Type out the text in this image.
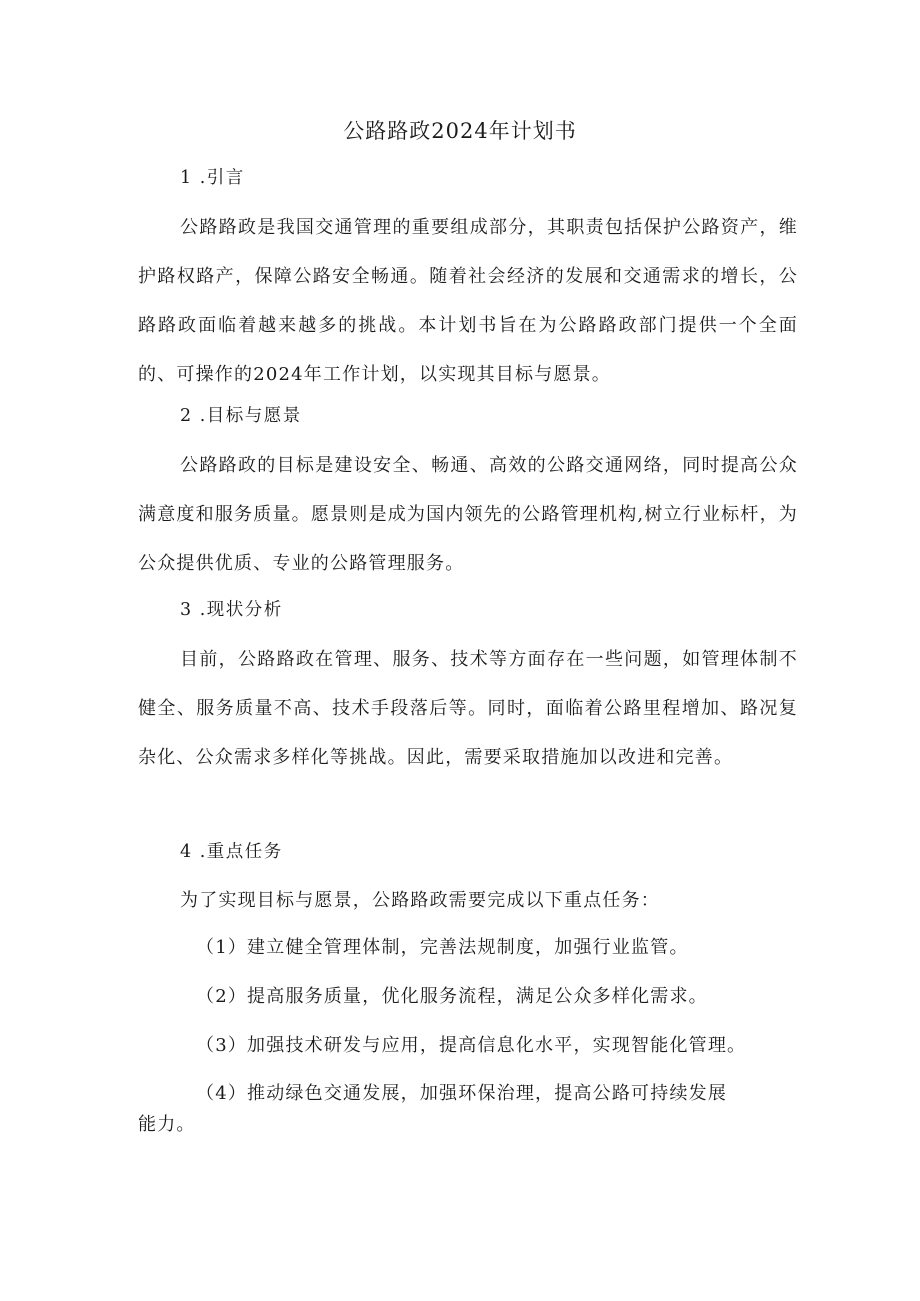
公路路政2024年计划书
1 .引言

公路路政是我国交通管理的重要组成部分，其职责包括保护公路资产，维护路权路产，保障公路安全畅通。随着社会经济的发展和交通需求的增长，公路路政面临着越来越多的挑战。本计划书旨在为公路路政部门提供一个全面的、可操作的2024年工作计划，以实现其目标与愿景。

2 .目标与愿景

公路路政的目标是建设安全、畅通、高效的公路交通网络，同时提高公众满意度和服务质量。愿景则是成为国内领先的公路管理机构,树立行业标杆，为公众提供优质、专业的公路管理服务。

3 .现状分析

目前，公路路政在管理、服务、技术等方面存在一些问题，如管理体制不健全、服务质量不高、技术手段落后等。同时，面临着公路里程增加、路况复杂化、公众需求多样化等挑战。因此，需要采取措施加以改进和完善。

4 .重点任务
为了实现目标与愿景，公路路政需要完成以下重点任务：
（1）建立健全管理体制，完善法规制度，加强行业监管。
（2）提高服务质量，优化服务流程，满足公众多样化需求。
（3）加强技术研发与应用，提高信息化水平，实现智能化管理。
（4）推动绿色交通发展，加强环保治理，提高公路可持续发展
能力。
